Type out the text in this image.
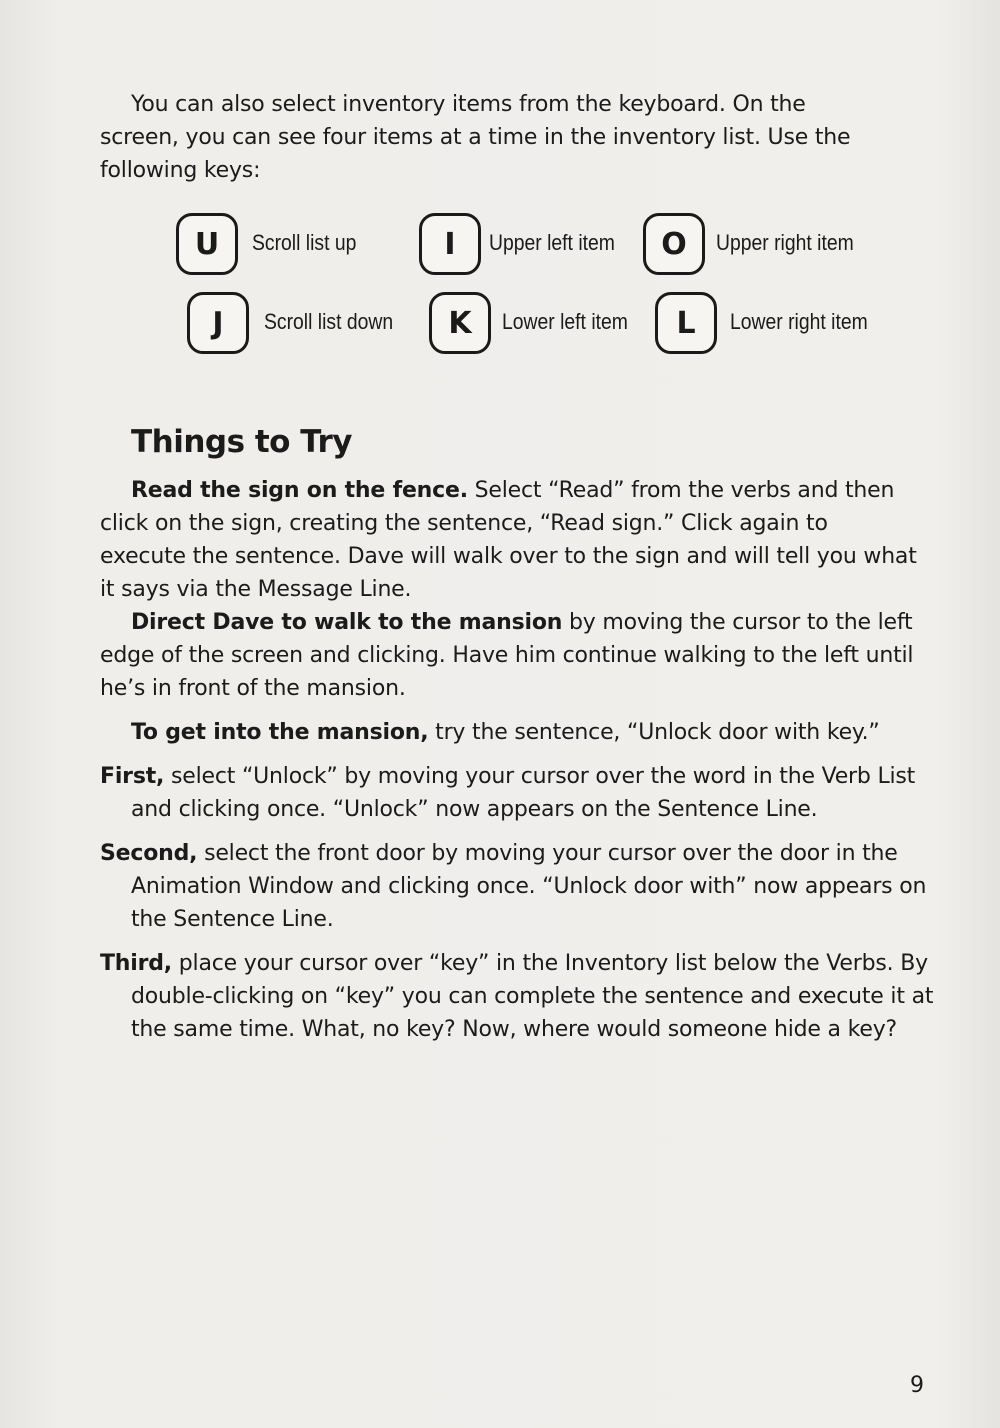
You can also select inventory items from the keyboard. On the screen, you can see four items at a time in the inventory list. Use the following keys:
U Scroll list up	I Upper left item O Upper right item
J Scroll list down K Lower left item L Lower right item
Things to Try
Read the sign on the fence. Select “Read” from the verbs and then click on the sign, creating the sentence, “Read sign.” Click again to execute the sentence. Dave will walk over to the sign and will tell you what it says via the Message Line.
Direct Dave to walk to the mansion by moving the cursor to the left edge of the screen and clicking. Have him continue walking to the left until he’s in front of the mansion.
To get into the mansion, try the sentence, “Unlock door with key.”
First, select “Unlock” by moving your cursor over the word in the Verb List and clicking once. “Unlock” now appears on the Sentence Line.
Second, select the front door by moving your cursor over the door in the Animation Window and clicking once. “Unlock door with” now appears on the Sentence Line.
Third, place your cursor over “key” in the Inventory list below the Verbs. By double-clicking on “key” you can complete the sentence and execute it at the same time. What, no key? Now, where would someone hide a key?
9
